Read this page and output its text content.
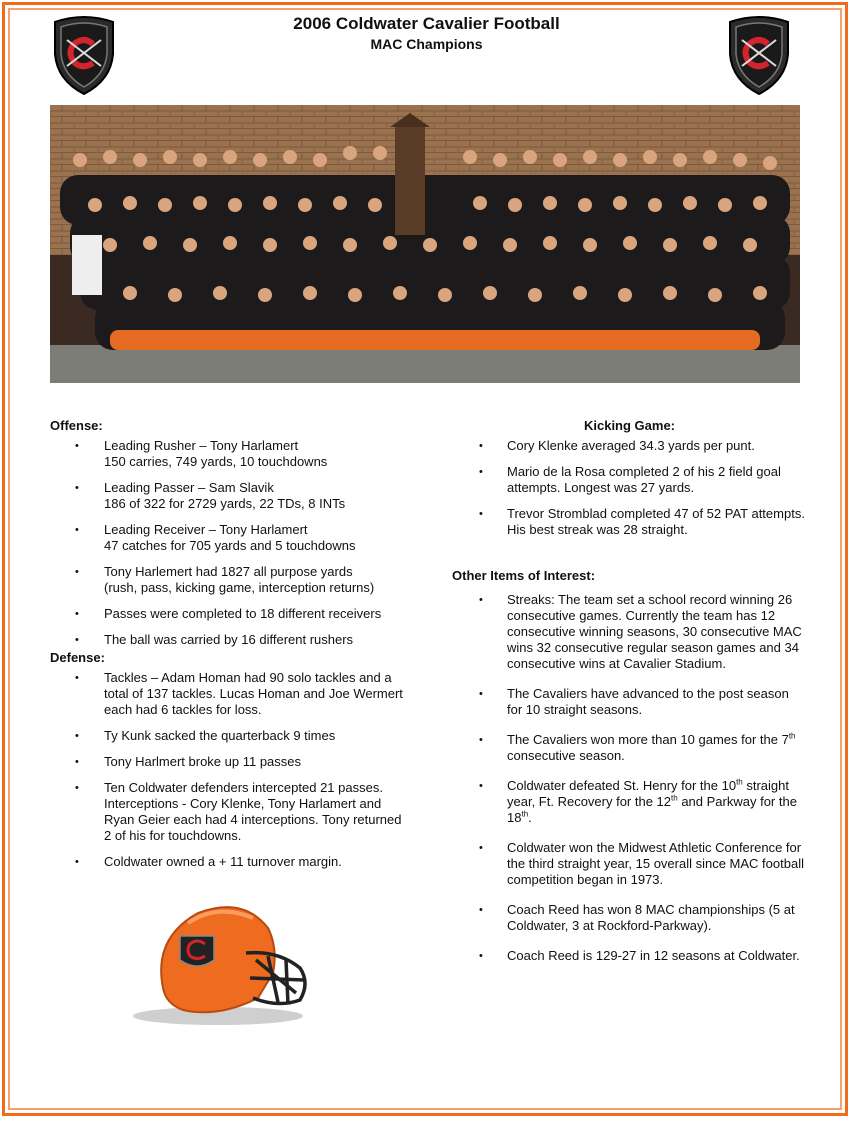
2006 Coldwater Cavalier Football
MAC Champions

Offense:

• Leading Rusher – Tony Harlamert
150 carries, 749 yards, 10 touchdowns
• Leading Passer – Sam Slavik
186 of 322 for 2729 yards, 22 TDs, 8 INTs
• Leading Receiver – Tony Harlamert
47 catches for 705 yards and 5 touchdowns
• Tony Harlemert had 1827 all purpose yards
(rush, pass, kicking game, interception returns)
• Passes were completed to 18 different receivers
• The ball was carried by 16 different rushers

Defense:

• Tackles – Adam Homan had 90 solo tackles and a total of 137 tackles. Lucas Homan and Joe Wermert each had 6 tackles for loss.
• Ty Kunk sacked the quarterback 9 times
• Tony Harlmert broke up 11 passes
• Ten Coldwater defenders intercepted 21 passes. Interceptions - Cory Klenke, Tony Harlamert and Ryan Geier each had 4 interceptions. Tony returned 2 of his for touchdowns.
• Coldwater owned a + 11 turnover margin.

Kicking Game:

• Cory Klenke averaged 34.3 yards per punt.
• Mario de la Rosa completed 2 of his 2 field goal attempts. Longest was 27 yards.
• Trevor Stromblad completed 47 of 52 PAT attempts. His best streak was 28 straight.

Other Items of Interest:

• Streaks: The team set a school record winning 26 consecutive games. Currently the team has 12 consecutive winning seasons, 30 consecutive MAC wins 32 consecutive regular season games and 34 consecutive wins at Cavalier Stadium.
• The Cavaliers have advanced to the post season for 10 straight seasons.
• The Cavaliers won more than 10 games for the 7th consecutive season.
• Coldwater defeated St. Henry for the 10th straight year, Ft. Recovery for the 12th and Parkway for the 18th.
• Coldwater won the Midwest Athletic Conference for the third straight year, 15 overall since MAC football competition began in 1973.
• Coach Reed has won 8 MAC championships (5 at Coldwater, 3 at Rockford-Parkway).
• Coach Reed is 129-27 in 12 seasons at Coldwater.
